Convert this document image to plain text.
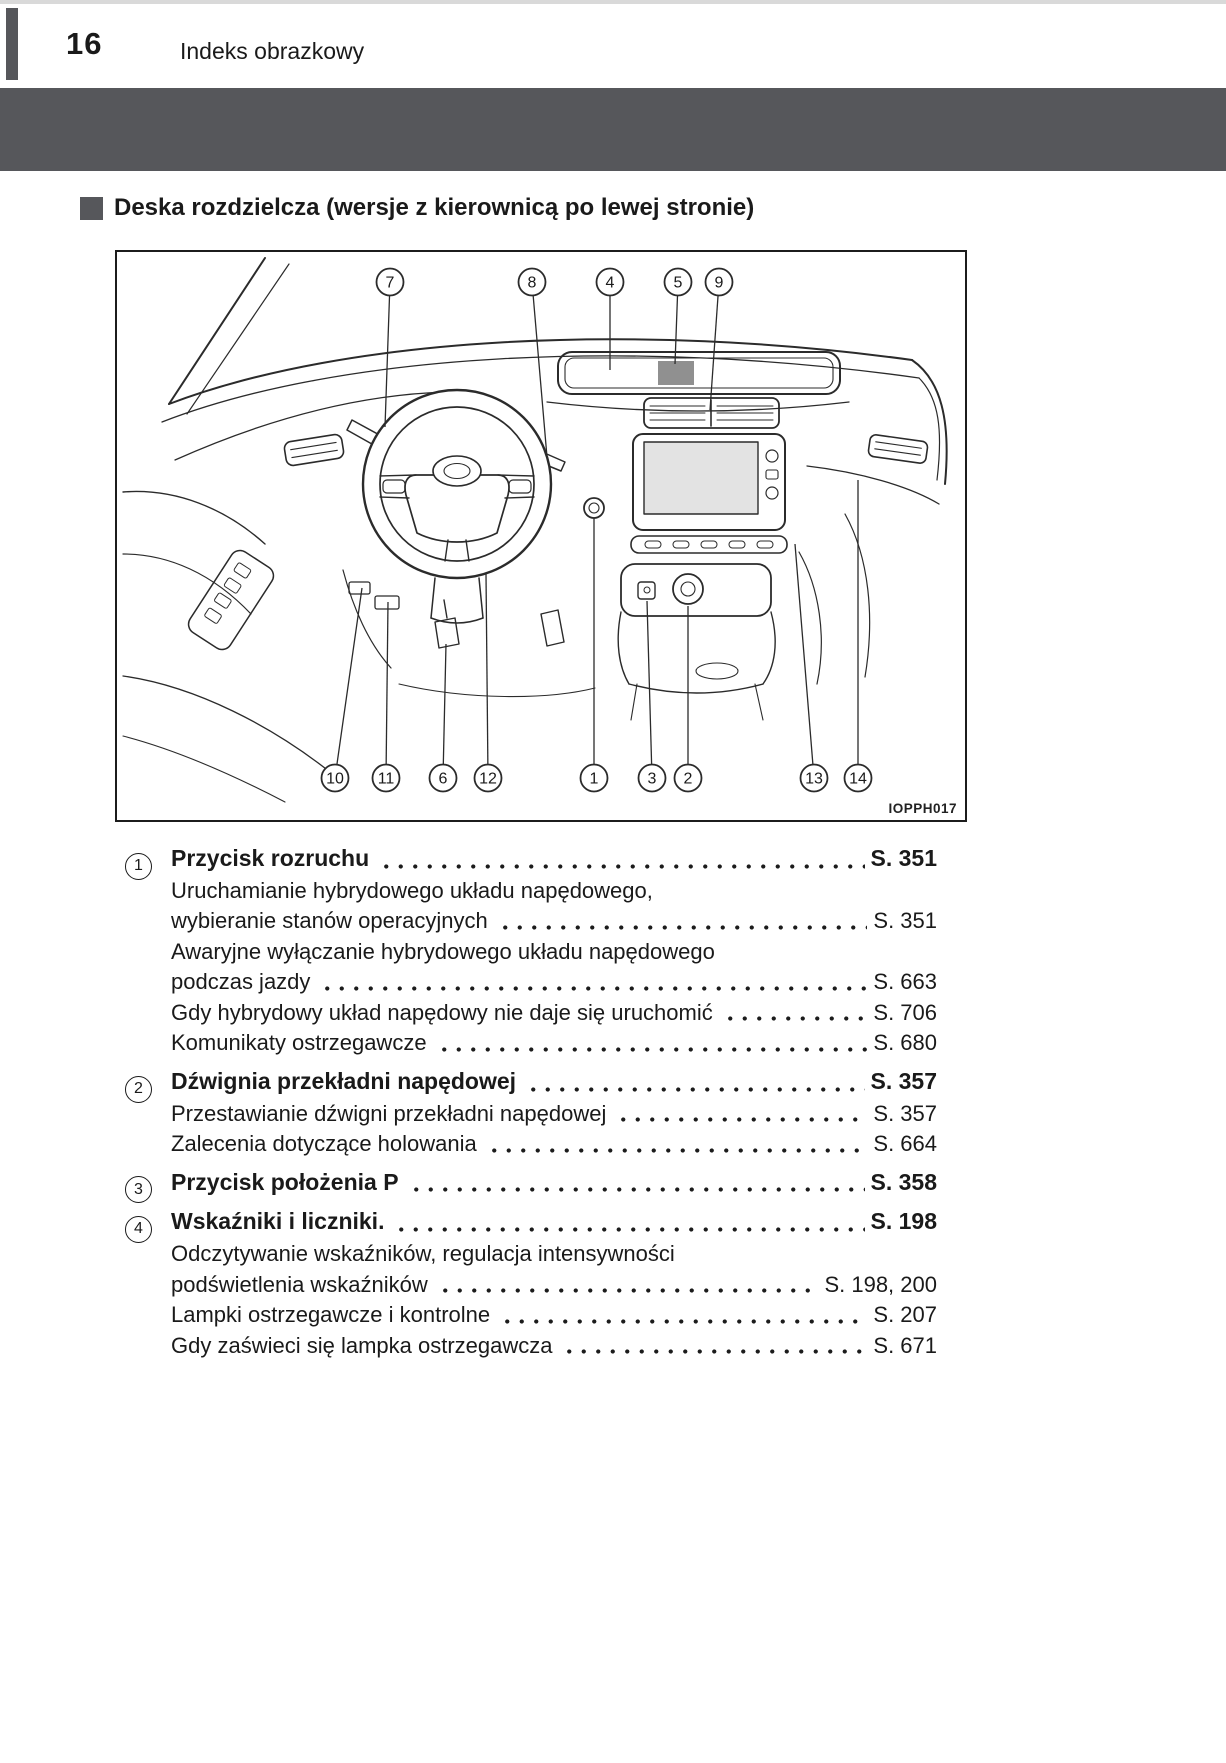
16	Indeks obrazkowy
Deska rozdzielcza (wersje z kierownicą po lewej stronie)
7	8	4	5 9
10 11	6 12	1	3 2	13 14
IOPPH017
1	Przycisk rozruchu	S. 351
Uruchamianie hybrydowego układu napędowego,
wybieranie stanów operacyjnych	S. 351
Awaryjne wyłączanie hybrydowego układu napędowego
podczas jazdy	S. 663
Gdy hybrydowy układ napędowy nie daje się uruchomić	S. 706
Komunikaty ostrzegawcze	S. 680
2	Dźwignia przekładni napędowej	S. 357
Przestawianie dźwigni przekładni napędowej	S. 357
Zalecenia dotyczące holowania	S. 664
3	Przycisk położenia P	S. 358
4	Wskaźniki i liczniki.	S. 198
Odczytywanie wskaźników, regulacja intensywności
podświetlenia wskaźników	S. 198, 200
Lampki ostrzegawcze i kontrolne	S. 207
Gdy zaświeci się lampka ostrzegawcza	S. 671
